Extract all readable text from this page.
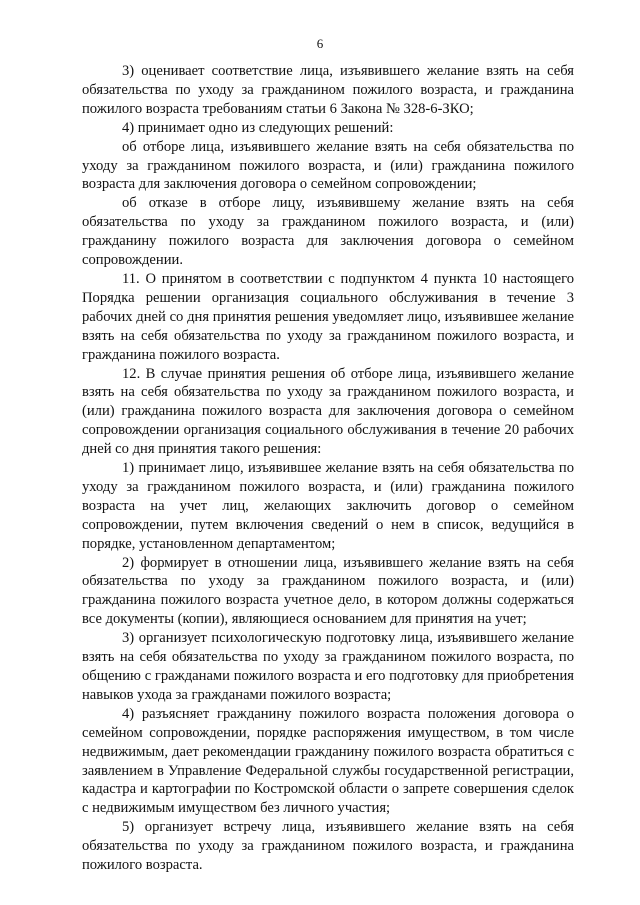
6

3) оценивает соответствие лица, изъявившего желание взять на себя обязательства по уходу за гражданином пожилого возраста, и гражданина пожилого возраста требованиям статьи 6 Закона № 328-6-ЗКО;

4) принимает одно из следующих решений:

об отборе лица, изъявившего желание взять на себя обязательства по уходу за гражданином пожилого возраста, и (или) гражданина пожилого возраста для заключения договора о семейном сопровождении;

об отказе в отборе лицу, изъявившему желание взять на себя обязательства по уходу за гражданином пожилого возраста, и (или) гражданину пожилого возраста для заключения договора о семейном сопровождении.

11. О принятом в соответствии с подпунктом 4 пункта 10 настоящего Порядка решении организация социального обслуживания в течение 3 рабочих дней со дня принятия решения уведомляет лицо, изъявившее желание взять на себя обязательства по уходу за гражданином пожилого возраста, и гражданина пожилого возраста.

12. В случае принятия решения об отборе лица, изъявившего желание взять на себя обязательства по уходу за гражданином пожилого возраста, и (или) гражданина пожилого возраста для заключения договора о семейном сопровождении организация социального обслуживания в течение 20 рабочих дней со дня принятия такого решения:

1) принимает лицо, изъявившее желание взять на себя обязательства по уходу за гражданином пожилого возраста, и (или) гражданина пожилого возраста на учет лиц, желающих заключить договор о семейном сопровождении, путем включения сведений о нем в список, ведущийся в порядке, установленном департаментом;

2) формирует в отношении лица, изъявившего желание взять на себя обязательства по уходу за гражданином пожилого возраста, и (или) гражданина пожилого возраста учетное дело, в котором должны содержаться все документы (копии), являющиеся основанием для принятия на учет;

3) организует психологическую подготовку лица, изъявившего желание взять на себя обязательства по уходу за гражданином пожилого возраста, по общению с гражданами пожилого возраста и его подготовку для приобретения навыков ухода за гражданами пожилого возраста;

4) разъясняет гражданину пожилого возраста положения договора о семейном сопровождении, порядке распоряжения имуществом, в том числе недвижимым, дает рекомендации гражданину пожилого возраста обратиться с заявлением в Управление Федеральной службы государственной регистрации, кадастра и картографии по Костромской области о запрете совершения сделок с недвижимым имуществом без личного участия;

5) организует встречу лица, изъявившего желание взять на себя обязательства по уходу за гражданином пожилого возраста, и гражданина пожилого возраста.
